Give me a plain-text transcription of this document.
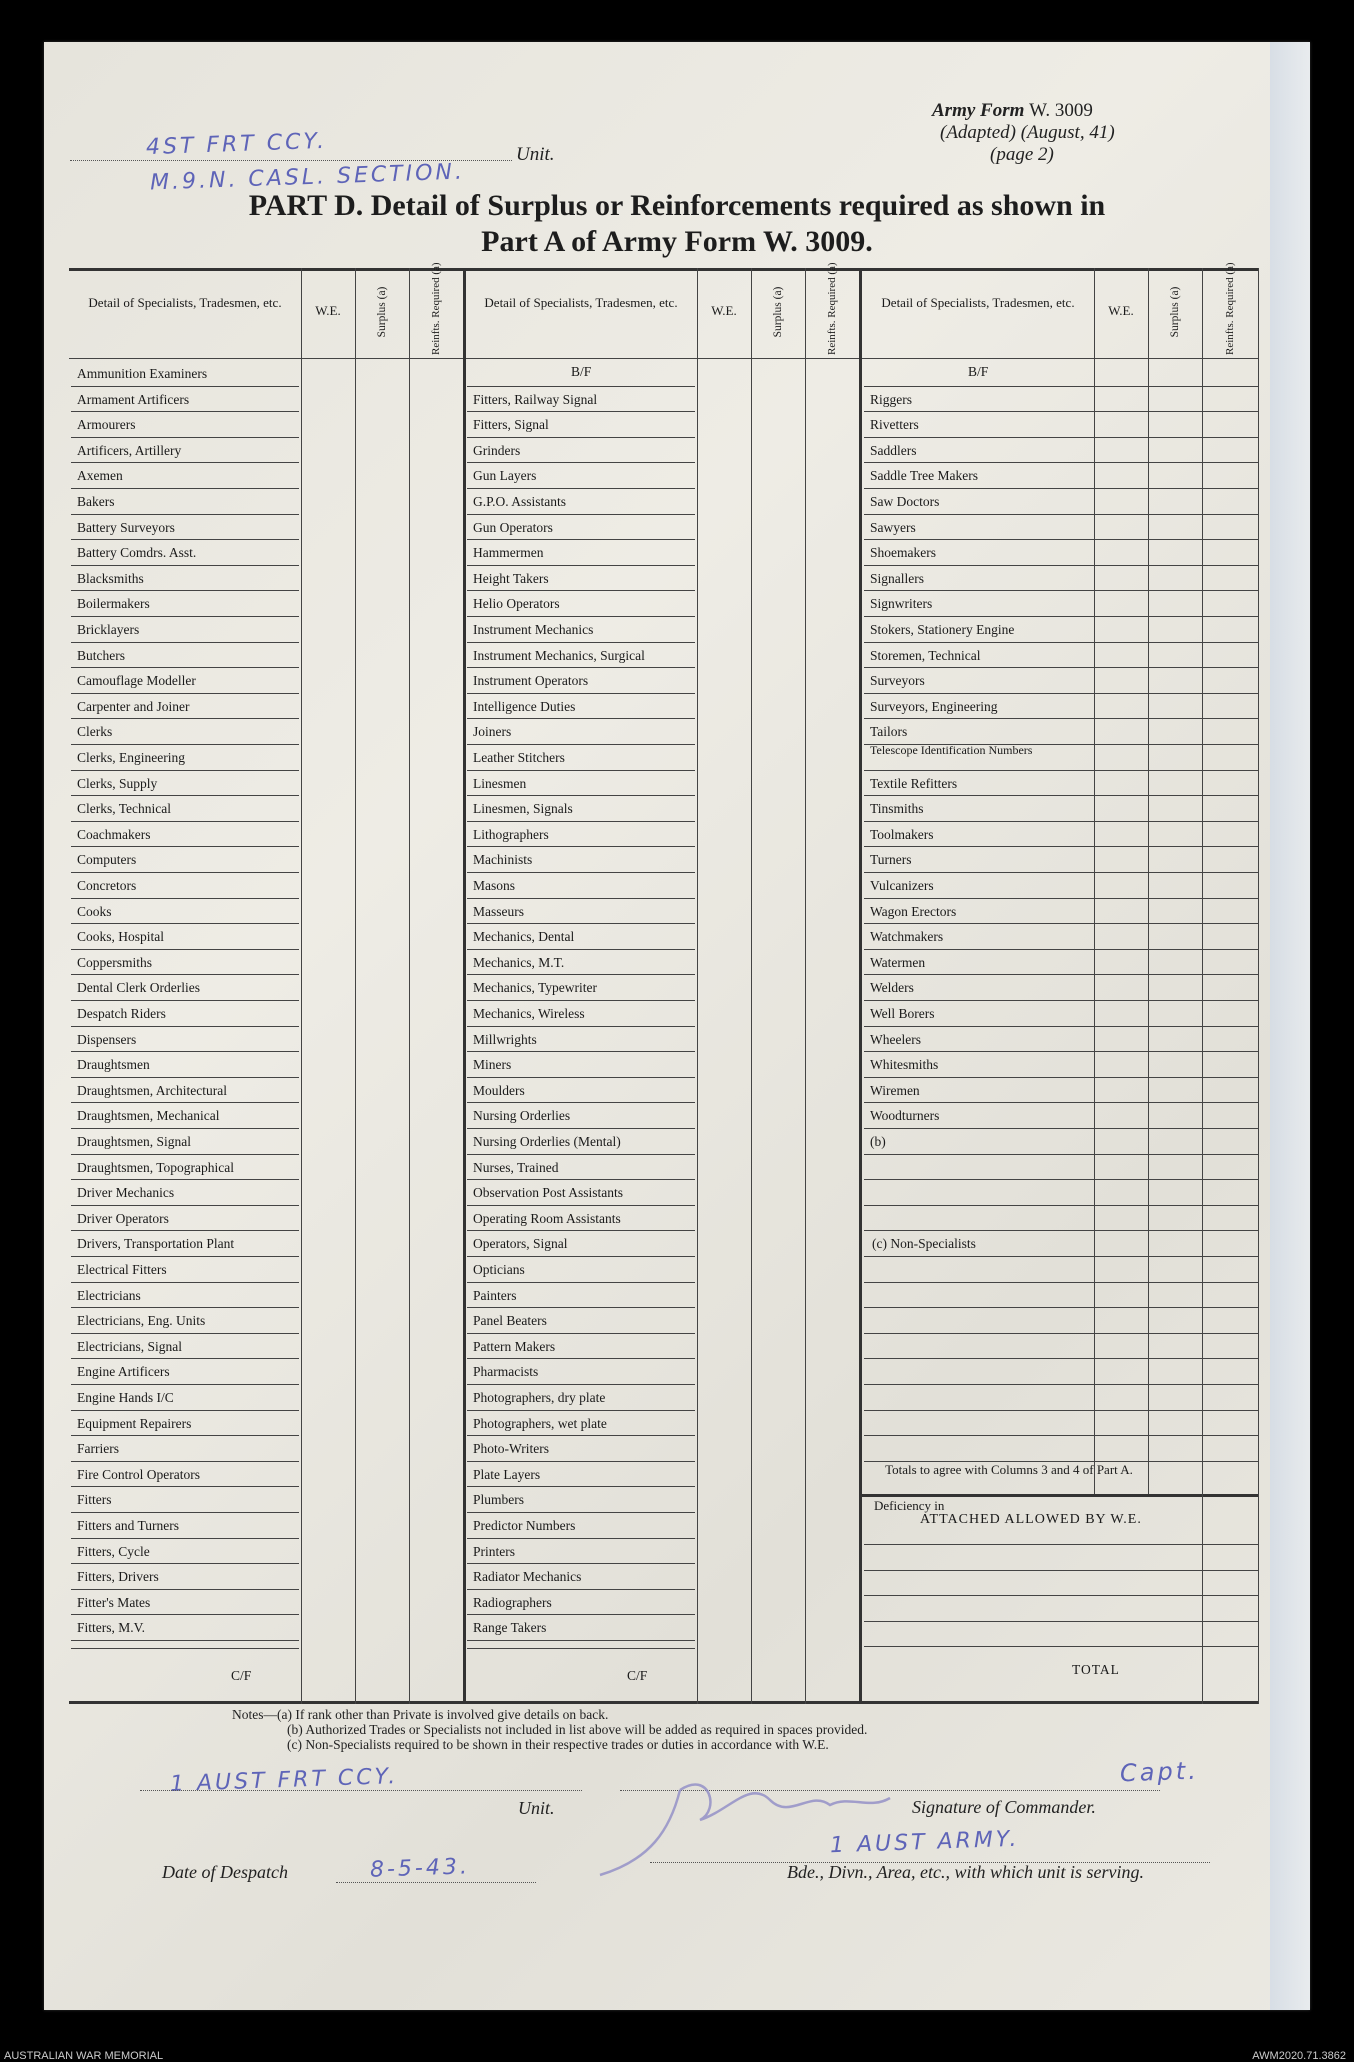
Army Form W. 3009
(Adapted) (August, 41)
(page 2)
Unit.
4ST FRT CCY.
M.9.N. CASL. SECTION.
PART D. Detail of Surplus or Reinforcements required as shown in
Part A of Army Form W. 3009.
Detail of Specialists, Tradesmen, etc.
W.E.	Surplus (a)	Reinfts. Required (a)
Ammunition Examiners
Armament Artificers
Armourers
Artificers, Artillery
Axemen
Bakers
Battery Surveyors
Battery Comdrs. Asst.
Blacksmiths
Boilermakers
Bricklayers
Butchers
Camouflage Modeller
Carpenter and Joiner
Clerks
Clerks, Engineering
Clerks, Supply
Clerks, Technical
Coachmakers
Computers
Concretors
Cooks
Cooks, Hospital
Coppersmiths
Dental Clerk Orderlies
Despatch Riders
Dispensers
Draughtsmen
Draughtsmen, Architectural
Draughtsmen, Mechanical
Draughtsmen, Signal
Draughtsmen, Topographical
Driver Mechanics
Driver Operators
Drivers, Transportation Plant
Electrical Fitters
Electricians
Electricians, Eng. Units
Electricians, Signal
Engine Artificers
Engine Hands I/C
Equipment Repairers
Farriers
Fire Control Operators
Fitters
Fitters and Turners
Fitters, Cycle
Fitters, Drivers
Fitter's Mates
Fitters, M.V.
C/F
Detail of Specialists, Tradesmen, etc.
W.E.	Surplus (a)	Reinfts. Required (a)
Fitters, Railway Signal
Fitters, Signal
Grinders
Gun Layers
G.P.O. Assistants
Gun Operators
Hammermen
Height Takers
Helio Operators
Instrument Mechanics
Instrument Mechanics, Surgical
Instrument Operators
Intelligence Duties
Joiners
Leather Stitchers
Linesmen
Linesmen, Signals
Lithographers
Machinists
Masons
Masseurs
Mechanics, Dental
Mechanics, M.T.
Mechanics, Typewriter
Mechanics, Wireless
Millwrights
Miners
Moulders
Nursing Orderlies
Nursing Orderlies (Mental)
Nurses, Trained
Observation Post Assistants
Operating Room Assistants
Operators, Signal
Opticians
Painters
Panel Beaters
Pattern Makers
Pharmacists
Photographers, dry plate
Photographers, wet plate
Photo-Writers
Plate Layers
Plumbers
Predictor Numbers
Printers
Radiator Mechanics
Radiographers
Range Takers
B/F
C/F
Detail of Specialists, Tradesmen, etc.
W.E.	Surplus (a)	Reinfts. Required (a)
Riggers
Rivetters
Saddlers
Saddle Tree Makers
Saw Doctors
Sawyers
Shoemakers
Signallers
Signwriters
Stokers, Stationery Engine
Storemen, Technical
Surveyors
Surveyors, Engineering
Tailors
Telescope Identification Numbers
Textile Refitters
Tinsmiths
Toolmakers
Turners
Vulcanizers
Wagon Erectors
Watchmakers
Watermen
Welders
Well Borers
Wheelers
Whitesmiths
Wiremen
Woodturners
(b)
B/F
(c) Non-Specialists
Totals to agree with Columns 3 and 4 of Part A.
Deficiency in
ATTACHED ALLOWED BY W.E.
TOTAL
Notes—(a) If rank other than Private is involved give details on back.
(b) Authorized Trades or Specialists not included in list above will be added as required in spaces provided.
(c) Non-Specialists required to be shown in their respective trades or duties in accordance with W.E.
1 AUST FRT CCY.
Unit.
Capt.
Signature of Commander.
Date of Despatch	8-5-43.
1 AUST ARMY.
Bde., Divn., Area, etc., with which unit is serving.
AUSTRALIAN WAR MEMORIAL	AWM2020.71.3862
